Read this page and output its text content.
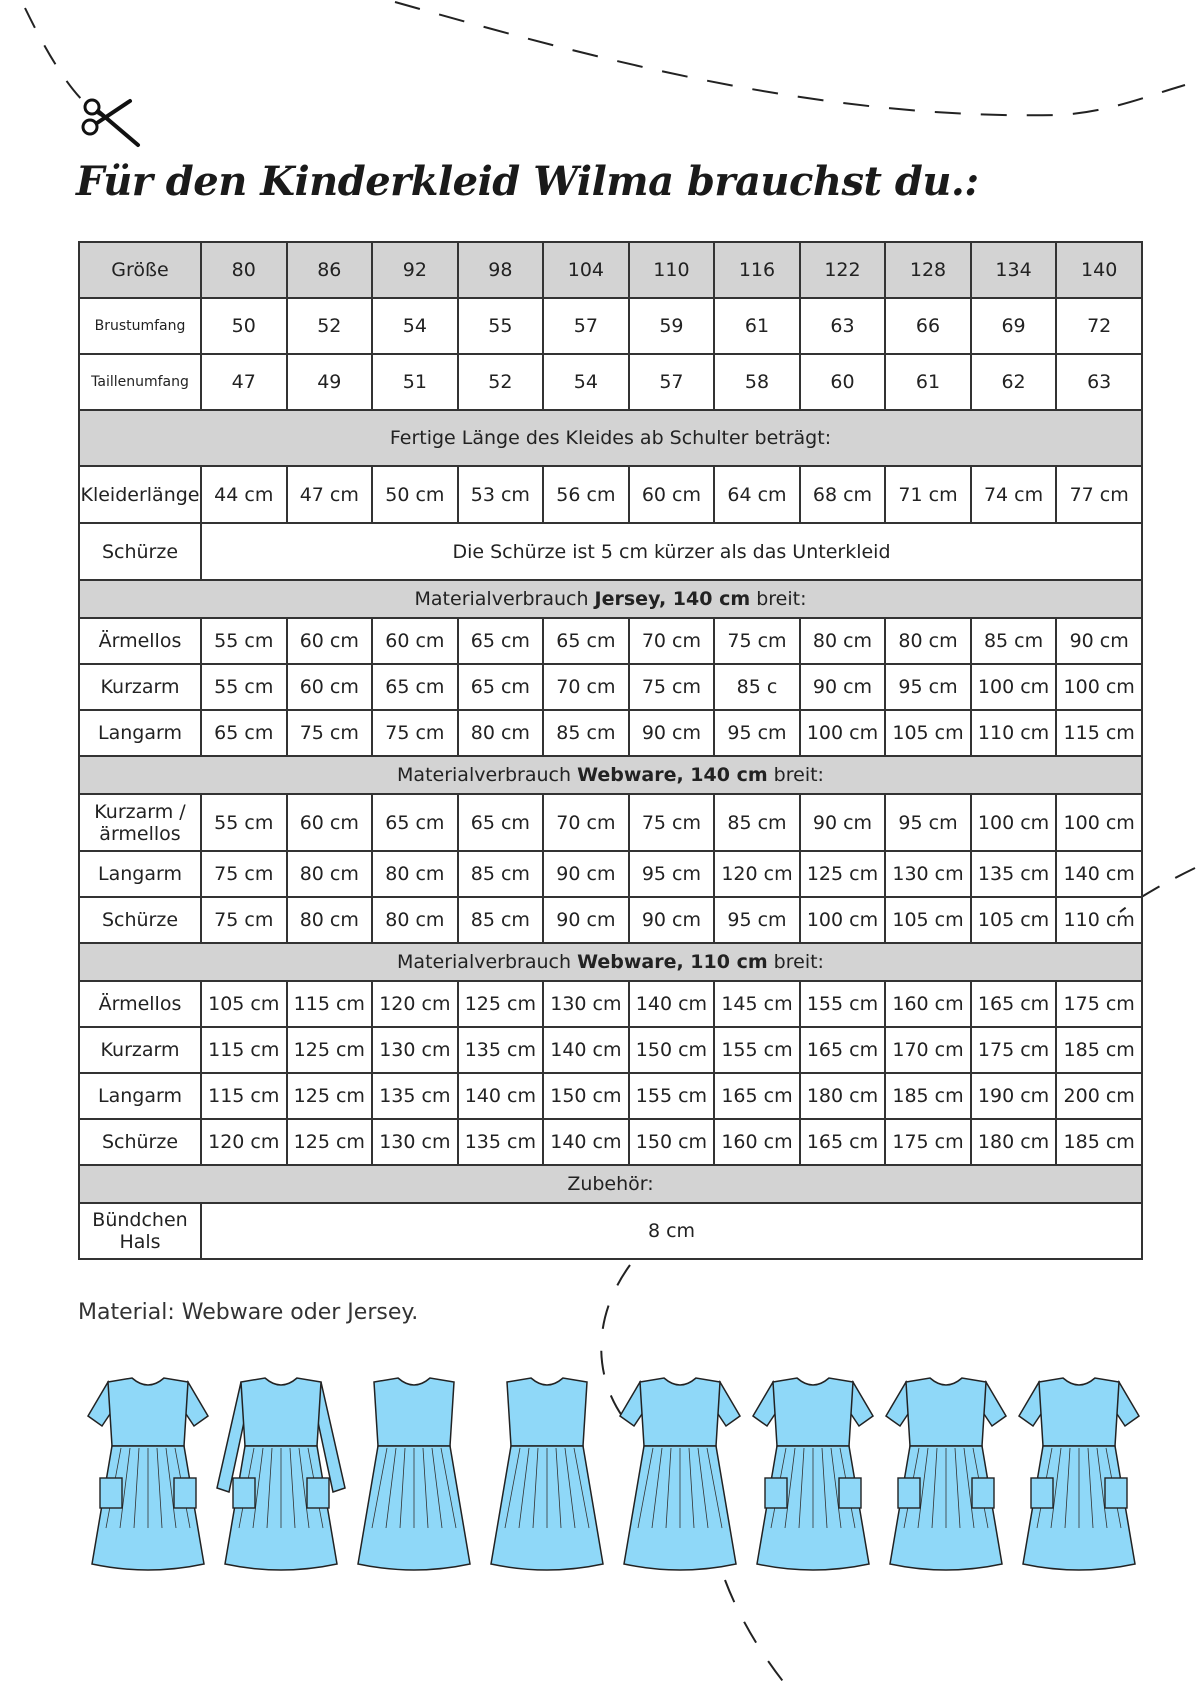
Für den Kinderkleid Wilma brauchst du.:
Größe	80	86	92	98	104	110	116	122	128	134	140
Brustumfang	50	52	54	55	57	59	61	63	66	69	72
Taillenumfang	47	49	51	52	54	57	58	60	61	62	63
Fertige Länge des Kleides ab Schulter beträgt:											
Kleiderlänge	44 cm	47 cm	50 cm	53 cm	56 cm	60 cm	64 cm	68 cm	71 cm	74 cm	77 cm
Schürze	Die Schürze ist 5 cm kürzer als das Unterkleid										
Materialverbrauch Jersey, 140 cm breit:											
Ärmellos	55 cm	60 cm	60 cm	65 cm	65 cm	70 cm	75 cm	80 cm	80 cm	85 cm	90 cm
Kurzarm	55 cm	60 cm	65 cm	65 cm	70 cm	75 cm	85 c	90 cm	95 cm	100 cm	100 cm
Langarm	65 cm	75 cm	75 cm	80 cm	85 cm	90 cm	95 cm	100 cm	105 cm	110 cm	115 cm
Materialverbrauch Webware, 140 cm breit:											
Kurzarm / ärmellos	55 cm	60 cm	65 cm	65 cm	70 cm	75 cm	85 cm	90 cm	95 cm	100 cm	100 cm
Langarm	75 cm	80 cm	80 cm	85 cm	90 cm	95 cm	120 cm	125 cm	130 cm	135 cm	140 cm
Schürze	75 cm	80 cm	80 cm	85 cm	90 cm	90 cm	95 cm	100 cm	105 cm	105 cm	110 cm
Materialverbrauch Webware, 110 cm breit:											
Ärmellos	105 cm	115 cm	120 cm	125 cm	130 cm	140 cm	145 cm	155 cm	160 cm	165 cm	175 cm
Kurzarm	115 cm	125 cm	130 cm	135 cm	140 cm	150 cm	155 cm	165 cm	170 cm	175 cm	185 cm
Langarm	115 cm	125 cm	135 cm	140 cm	150 cm	155 cm	165 cm	180 cm	185 cm	190 cm	200 cm
Schürze	120 cm	125 cm	130 cm	135 cm	140 cm	150 cm	160 cm	165 cm	175 cm	180 cm	185 cm
Zubehör:											
Bündchen Hals	8 cm										
Material: Webware oder Jersey.
